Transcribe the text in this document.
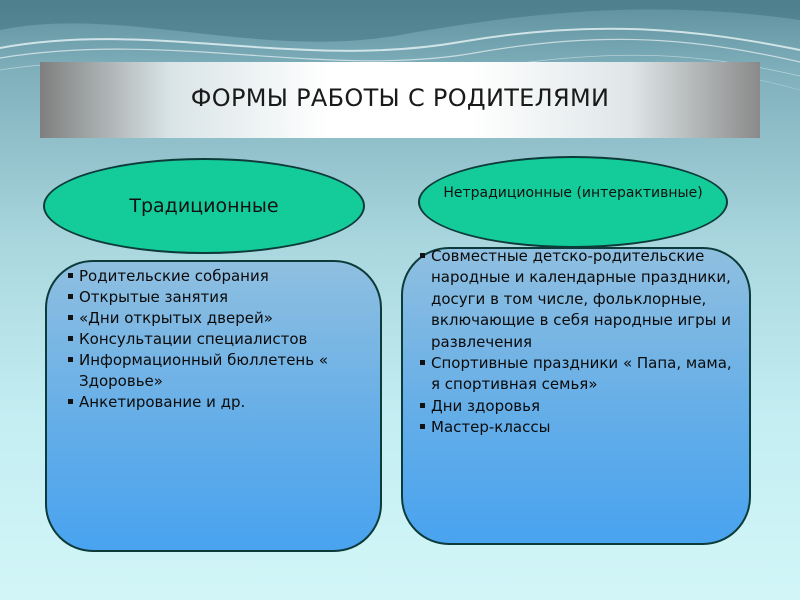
ФОРМЫ РАБОТЫ С РОДИТЕЛЯМИ
Традиционные
Нетрадиционные (интерактивные)
Родительские собрания
Открытые занятия
«Дни открытых дверей»
Консультации специалистов
Информационный бюллетень « Здоровье»
Анкетирование и др.
Совместные детско-родительские народные и календарные праздники, досуги в том числе, фольклорные, включающие в себя народные игры и развлечения
Спортивные праздники « Папа, мама, я спортивная семья»
Дни здоровья
Мастер-классы
